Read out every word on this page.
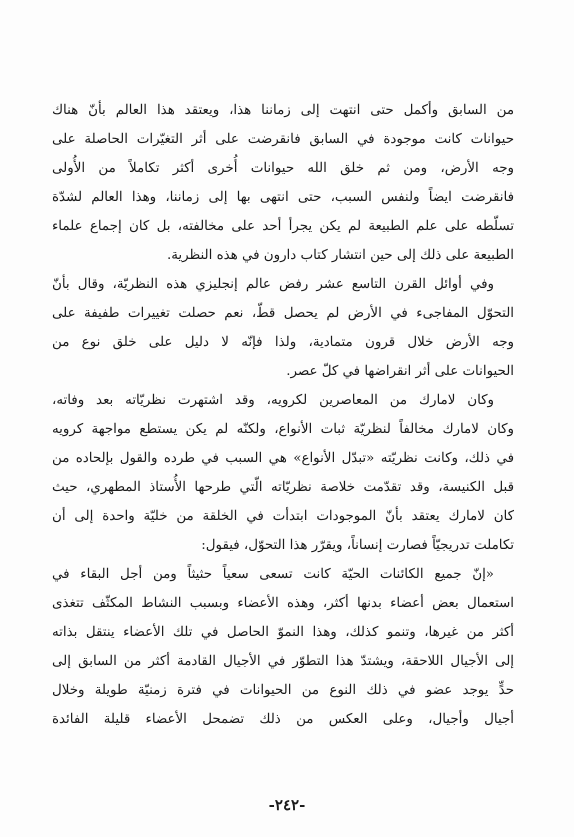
من السابق وأكمل حتى انتهت إلى زماننا هذا، ويعتقد هذا العالم بأنّ هناك
حيوانات كانت موجودة في السابق فانقرضت على أثر التغيّرات الحاصلة على
وجه الأرض، ومن ثم خلق الله حيوانات أُخرى أكثر تكاملاً من الأُولى
فانقرضت ايضاً ولنفس السبب، حتى انتهى بها إلى زماننا، وهذا العالم لشدّة
تسلّطه على علم الطبيعة لم يكن يجرأ أحد على مخالفته، بل كان إجماع علماء
الطبيعة على ذلك إلى حين انتشار كتاب دارون في هذه النظرية.
وفي أوائل القرن التاسع عشر رفض عالم إنجليزي هذه النظريّة، وقال بأنّ
التحوّل المفاجىء في الأرض لم يحصل قطّ، نعم حصلت تغييرات طفيفة على
وجه الأرض خلال قرون متمادية، ولذا فإنّه لا دليل على خلق نوع من
الحيوانات على أثر انقراضها في كلّ عصر.
وكان لامارك من المعاصرين لكرويه، وقد اشتهرت نظريّاته بعد وفاته،
وكان لامارك مخالفاً لنظريّة ثبات الأنواع، ولكنّه لم يكن يستطع مواجهة كرويه
في ذلك، وكانت نظريّته «تبدّل الأنواع» هي السبب في طرده والقول بإلحاده من
قبل الكنيسة، وقد تقدّمت خلاصة نظريّاته الّتي طرحها الأُستاذ المطهري، حيث
كان لامارك يعتقد بأنّ الموجودات ابتدأت في الخلقة من خليّة واحدة إلى أن
تكاملت تدريجيّاً فصارت إنساناً، ويقرّر هذا التحوّل، فيقول:
«إنّ جميع الكائنات الحيّة كانت تسعى سعياً حثيثاً ومن أجل البقاء في
استعمال بعض أعضاء بدنها أكثر، وهذه الأعضاء وبسبب النشاط المكثّف تتغذى
أكثر من غيرها، وتنمو كذلك، وهذا النموّ الحاصل في تلك الأعضاء ينتقل بذاته
إلى الأجيال اللاحقة، ويشتدّ هذا التطوّر في الأجيال القادمة أكثر من السابق إلى
حدٍّ يوجد عضو في ذلك النوع من الحيوانات في فترة زمنيّة طويلة وخلال
أجيال وأجيال، وعلى العكس من ذلك تضمحل الأعضاء قليلة الفائدة
-٢٤٢-
